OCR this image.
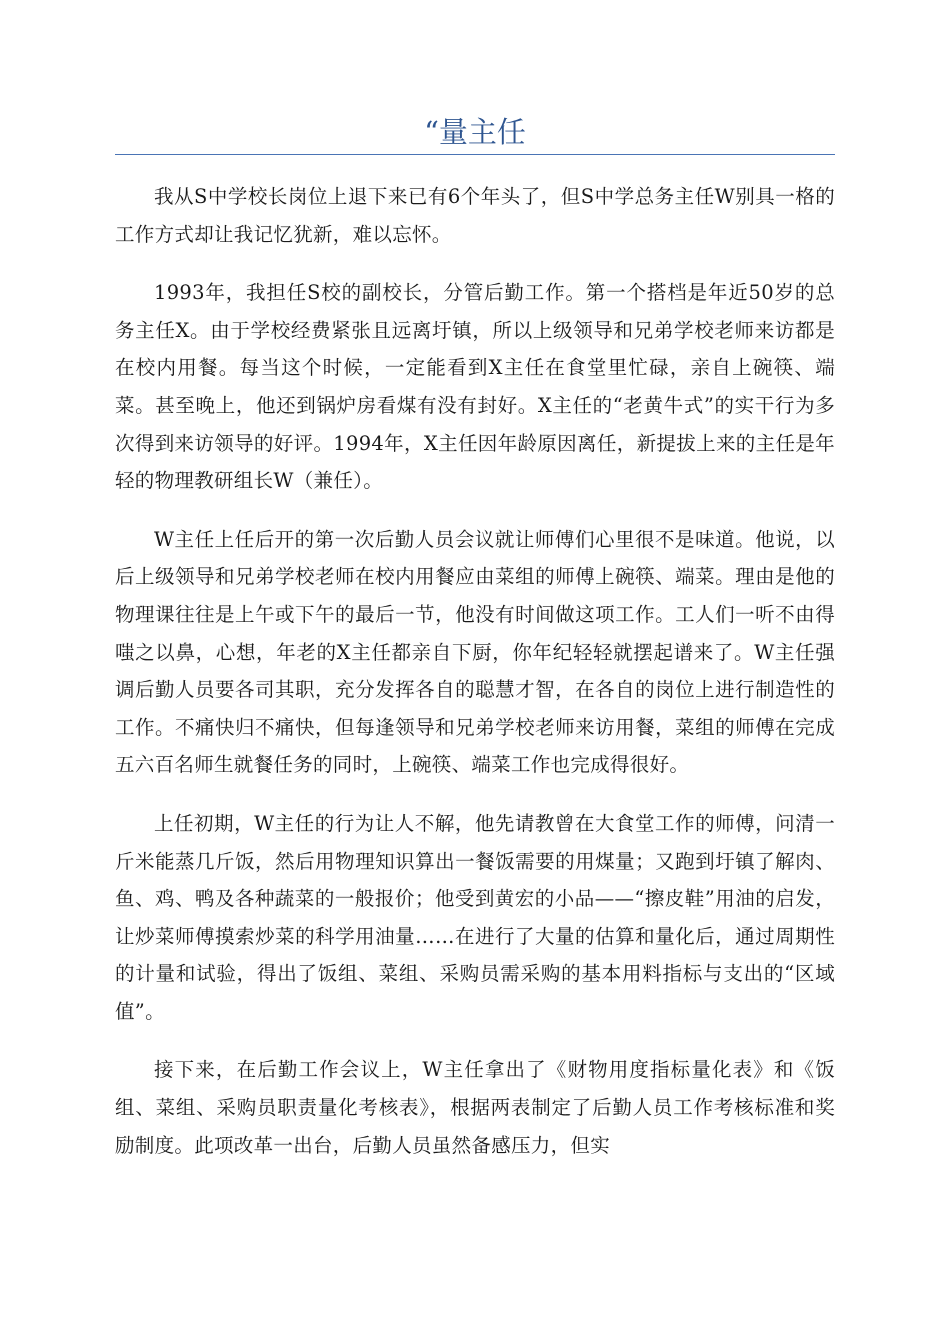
“量主任

我从S中学校长岗位上退下来已有6个年头了，但S中学总务主任W别具一格的工作方式却让我记忆犹新，难以忘怀。

1993年，我担任S校的副校长，分管后勤工作。第一个搭档是年近50岁的总务主任X。由于学校经费紧张且远离圩镇，所以上级领导和兄弟学校老师来访都是在校内用餐。每当这个时候，一定能看到X主任在食堂里忙碌，亲自上碗筷、端菜。甚至晚上，他还到锅炉房看煤有没有封好。X主任的“老黄牛式”的实干行为多次得到来访领导的好评。1994年，X主任因年龄原因离任，新提拔上来的主任是年轻的物理教研组长W（兼任）。

W主任上任后开的第一次后勤人员会议就让师傅们心里很不是味道。他说，以后上级领导和兄弟学校老师在校内用餐应由菜组的师傅上碗筷、端菜。理由是他的物理课往往是上午或下午的最后一节，他没有时间做这项工作。工人们一听不由得嗤之以鼻，心想，年老的X主任都亲自下厨，你年纪轻轻就摆起谱来了。W主任强调后勤人员要各司其职，充分发挥各自的聪慧才智，在各自的岗位上进行制造性的工作。不痛快归不痛快，但每逢领导和兄弟学校老师来访用餐，菜组的师傅在完成五六百名师生就餐任务的同时，上碗筷、端菜工作也完成得很好。

上任初期，W主任的行为让人不解，他先请教曾在大食堂工作的师傅，问清一斤米能蒸几斤饭，然后用物理知识算出一餐饭需要的用煤量；又跑到圩镇了解肉、鱼、鸡、鸭及各种蔬菜的一般报价；他受到黄宏的小品——“擦皮鞋”用油的启发，让炒菜师傅摸索炒菜的科学用油量……在进行了大量的估算和量化后，通过周期性的计量和试验，得出了饭组、菜组、采购员需采购的基本用料指标与支出的“区域值”。

接下来，在后勤工作会议上，W主任拿出了《财物用度指标量化表》和《饭组、菜组、采购员职责量化考核表》，根据两表制定了后勤人员工作考核标准和奖励制度。此项改革一出台，后勤人员虽然备感压力，但实
